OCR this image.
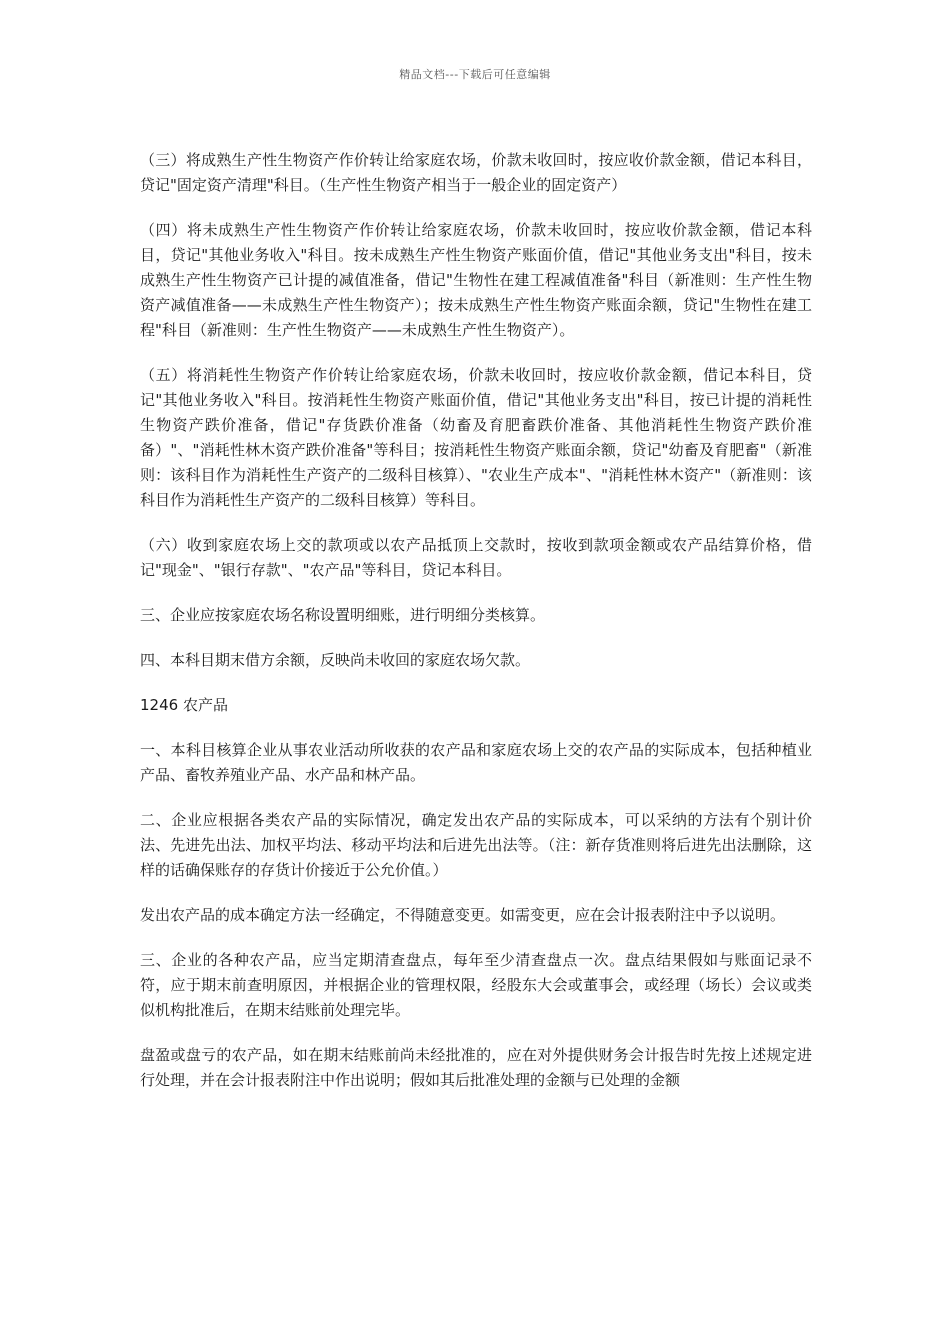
精品文档---下载后可任意编辑

（三）将成熟生产性生物资产作价转让给家庭农场，价款未收回时，按应收价款金额，借记本科目，贷记"固定资产清理"科目。（生产性生物资产相当于一般企业的固定资产）

（四）将未成熟生产性生物资产作价转让给家庭农场，价款未收回时，按应收价款金额，借记本科目，贷记"其他业务收入"科目。按未成熟生产性生物资产账面价值，借记"其他业务支出"科目，按未成熟生产性生物资产已计提的减值准备，借记"生物性在建工程减值准备"科目（新准则：生产性生物资产减值准备——未成熟生产性生物资产）；按未成熟生产性生物资产账面余额，贷记"生物性在建工程"科目（新准则：生产性生物资产——未成熟生产性生物资产）。

（五）将消耗性生物资产作价转让给家庭农场，价款未收回时，按应收价款金额，借记本科目，贷记"其他业务收入"科目。按消耗性生物资产账面价值，借记"其他业务支出"科目，按已计提的消耗性生物资产跌价准备，借记"存货跌价准备（幼畜及育肥畜跌价准备、其他消耗性生物资产跌价准备）"、"消耗性林木资产跌价准备"等科目；按消耗性生物资产账面余额，贷记"幼畜及育肥畜"（新准则：该科目作为消耗性生产资产的二级科目核算）、"农业生产成本"、"消耗性林木资产"（新准则：该科目作为消耗性生产资产的二级科目核算）等科目。

（六）收到家庭农场上交的款项或以农产品抵顶上交款时，按收到款项金额或农产品结算价格，借记"现金"、"银行存款"、"农产品"等科目，贷记本科目。

三、企业应按家庭农场名称设置明细账，进行明细分类核算。

四、本科目期末借方余额，反映尚未收回的家庭农场欠款。

1246 农产品

一、本科目核算企业从事农业活动所收获的农产品和家庭农场上交的农产品的实际成本，包括种植业产品、畜牧养殖业产品、水产品和林产品。

二、企业应根据各类农产品的实际情况，确定发出农产品的实际成本，可以采纳的方法有个别计价法、先进先出法、加权平均法、移动平均法和后进先出法等。（注：新存货准则将后进先出法删除，这样的话确保账存的存货计价接近于公允价值。）

发出农产品的成本确定方法一经确定，不得随意变更。如需变更，应在会计报表附注中予以说明。

三、企业的各种农产品，应当定期清查盘点，每年至少清查盘点一次。盘点结果假如与账面记录不符，应于期末前查明原因，并根据企业的管理权限，经股东大会或董事会，或经理（场长）会议或类似机构批准后，在期末结账前处理完毕。

盘盈或盘亏的农产品，如在期末结账前尚未经批准的，应在对外提供财务会计报告时先按上述规定进行处理，并在会计报表附注中作出说明；假如其后批准处理的金额与已处理的金额
